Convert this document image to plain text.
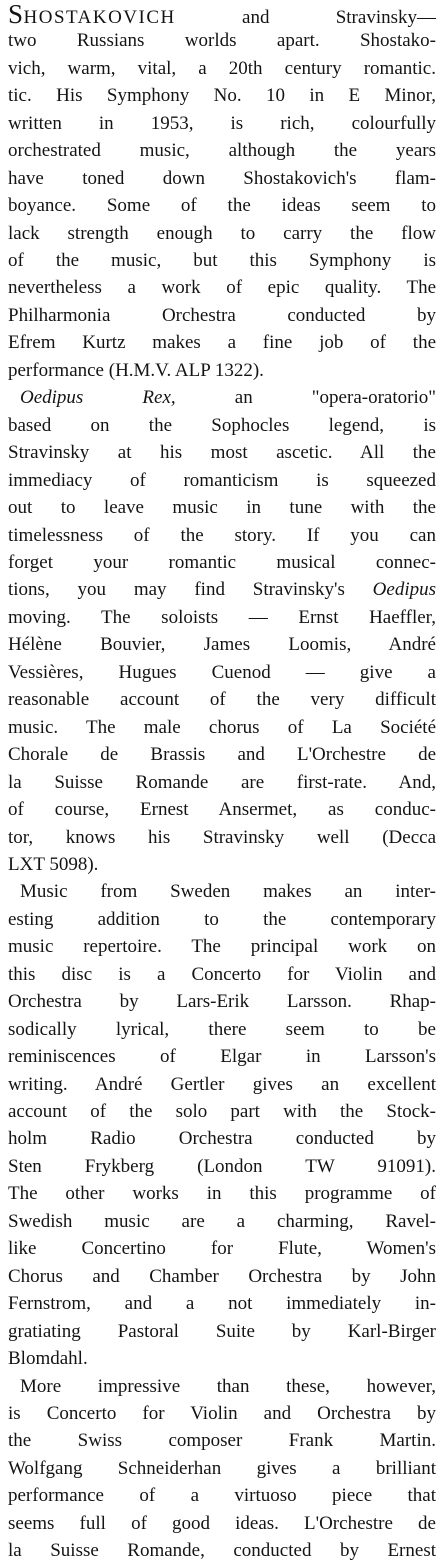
SHOSTAKOVICH and Stravinsky—
two Russians worlds apart. Shostako-
vich, warm, vital, a 20th century romantic.
tic. His Symphony No. 10 in E Minor,
written in 1953, is rich, colourfully
orchestrated music, although the years
have toned down Shostakovich's flam-
boyance. Some of the ideas seem to
lack strength enough to carry the flow
of the music, but this Symphony is
nevertheless a work of epic quality. The
Philharmonia Orchestra conducted by
Efrem Kurtz makes a fine job of the
performance (H.M.V. ALP 1322).
Oedipus Rex, an "opera-oratorio"
based on the Sophocles legend, is
Stravinsky at his most ascetic. All the
immediacy of romanticism is squeezed
out to leave music in tune with the
timelessness of the story. If you can
forget your romantic musical connec-
tions, you may find Stravinsky's Oedipus
moving. The soloists — Ernst Haeffler,
Hélène Bouvier, James Loomis, André
Vessières, Hugues Cuenod — give a
reasonable account of the very difficult
music. The male chorus of La Société
Chorale de Brassis and L'Orchestre de
la Suisse Romande are first-rate. And,
of course, Ernest Ansermet, as conduc-
tor, knows his Stravinsky well (Decca
LXT 5098).
Music from Sweden makes an inter-
esting addition to the contemporary
music repertoire. The principal work on
this disc is a Concerto for Violin and
Orchestra by Lars-Erik Larsson. Rhap-
sodically lyrical, there seem to be
reminiscences of Elgar in Larsson's
writing. André Gertler gives an excellent
account of the solo part with the Stock-
holm Radio Orchestra conducted by
Sten Frykberg (London TW 91091).
The other works in this programme of
Swedish music are a charming, Ravel-
like Concertino for Flute, Women's
Chorus and Chamber Orchestra by John
Fernstrom, and a not immediately in-
gratiating Pastoral Suite by Karl-Birger
Blomdahl.
More impressive than these, however,
is Concerto for Violin and Orchestra by
the Swiss composer Frank Martin.
Wolfgang Schneiderhan gives a brilliant
performance of a virtuoso piece that
seems full of good ideas. L'Orchestre de
la Suisse Romande, conducted by Ernest
